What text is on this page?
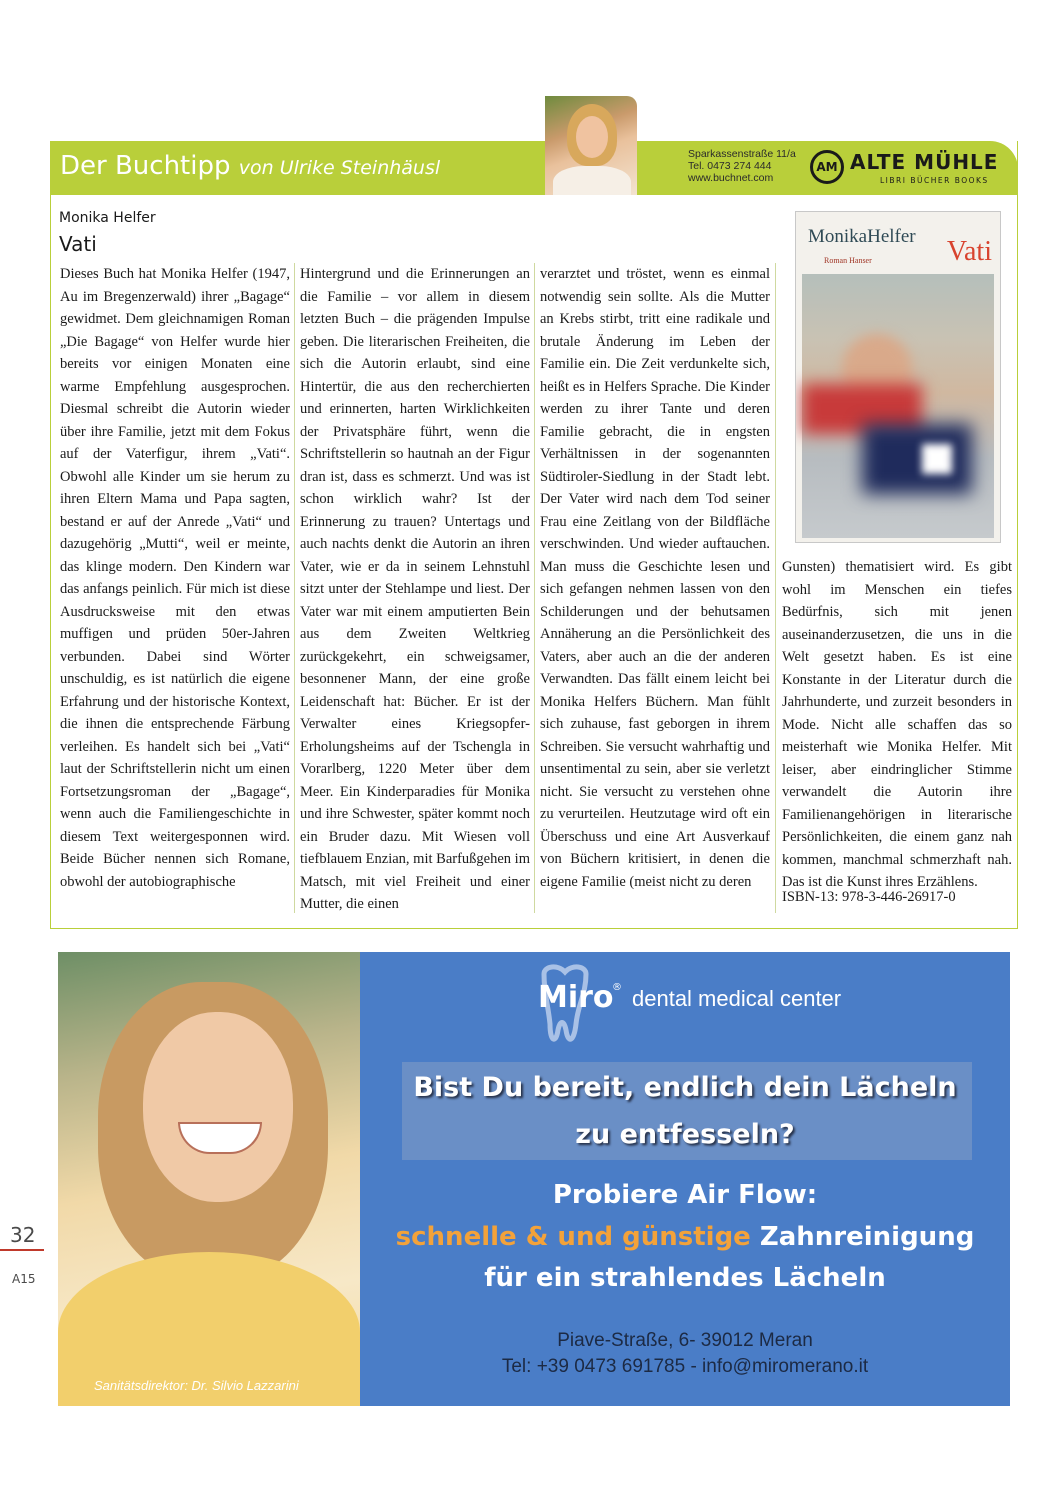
Der Buchtipp von Ulrike Steinhäusl
Sparkassenstraße 11/a
Tel. 0473 274 444
www.buchnet.com
AM ALTE MÜHLE
LIBRI BÜCHER BOOKS
Monika Helfer
Vati
Dieses Buch hat Monika Helfer (1947, Au im Bregenzerwald) ihrer „Bagage“ gewidmet. Dem gleichnamigen Roman „Die Bagage“ von Helfer wurde hier bereits vor einigen Monaten eine warme Empfehlung ausgesprochen. Diesmal schreibt die Autorin wieder über ihre Familie, jetzt mit dem Fokus auf der Vaterfigur, ihrem „Vati“. Obwohl alle Kinder um sie herum zu ihren Eltern Mama und Papa sagten, bestand er auf der Anrede „Vati“ und dazugehörig „Mutti“, weil er meinte, das klinge modern. Den Kindern war das anfangs peinlich. Für mich ist diese Ausdrucksweise mit den etwas muffigen und prüden 50er-Jahren verbunden. Dabei sind Wörter unschuldig, es ist natürlich die eigene Erfahrung und der historische Kontext, die ihnen die entsprechende Färbung verleihen. Es handelt sich bei „Vati“ laut der Schriftstellerin nicht um einen Fortsetzungsroman der „Bagage“, wenn auch die Familiengeschichte in diesem Text weitergesponnen wird. Beide Bücher nennen sich Romane, obwohl der autobiographische
Hintergrund und die Erinnerungen an die Familie – vor allem in diesem letzten Buch – die prägenden Impulse geben. Die literarischen Freiheiten, die sich die Autorin erlaubt, sind eine Hintertür, die aus den recherchierten und erinnerten, harten Wirklichkeiten der Privatsphäre führt, wenn die Schriftstellerin so hautnah an der Figur dran ist, dass es schmerzt. Und was ist schon wirklich wahr? Ist der Erinnerung zu trauen? Untertags und auch nachts denkt die Autorin an ihren Vater, wie er da in seinem Lehnstuhl sitzt unter der Stehlampe und liest. Der Vater war mit einem amputierten Bein aus dem Zweiten Weltkrieg zurückgekehrt, ein schweigsamer, besonnener Mann, der eine große Leidenschaft hat: Bücher. Er ist der Verwalter eines Kriegsopfer-Erholungsheims auf der Tschengla in Vorarlberg, 1220 Meter über dem Meer. Ein Kinderparadies für Monika und ihre Schwester, später kommt noch ein Bruder dazu. Mit Wiesen voll tiefblauem Enzian, mit Barfußgehen im Matsch, mit viel Freiheit und einer Mutter, die einen
verarztet und tröstet, wenn es einmal notwendig sein sollte. Als die Mutter an Krebs stirbt, tritt eine radikale und brutale Änderung im Leben der Familie ein. Die Zeit verdunkelte sich, heißt es in Helfers Sprache. Die Kinder werden zu ihrer Tante und deren Familie gebracht, die in engsten Verhältnissen in der sogenannten Südtiroler-Siedlung in der Stadt lebt. Der Vater wird nach dem Tod seiner Frau eine Zeitlang von der Bildfläche verschwinden. Und wieder auftauchen. Man muss die Geschichte lesen und sich gefangen nehmen lassen von den Schilderungen und der behutsamen Annäherung an die Persönlichkeit des Vaters, aber auch an die der anderen Verwandten. Das fällt einem leicht bei Monika Helfers Büchern. Man fühlt sich zuhause, fast geborgen in ihrem Schreiben. Sie versucht wahrhaftig und unsentimental zu sein, aber sie verletzt nicht. Sie versucht zu verstehen ohne zu verurteilen. Heutzutage wird oft ein Überschuss und eine Art Ausverkauf von Büchern kritisiert, in denen die eigene Familie (meist nicht zu deren
Gunsten) thematisiert wird. Es gibt wohl im Menschen ein tiefes Bedürfnis, sich mit jenen auseinanderzusetzen, die uns in die Welt gesetzt haben. Es ist eine Konstante in der Literatur durch die Jahrhunderte, und zurzeit besonders in Mode. Nicht alle schaffen das so meisterhaft wie Monika Helfer. Mit leiser, aber eindringlicher Stimme verwandelt die Autorin ihre Familienangehörigen in literarische Persönlichkeiten, die einem ganz nah kommen, manchmal schmerzhaft nah. Das ist die Kunst ihres Erzählens.
ISBN-13: 978-3-446-26917-0
MonikaHelfer Vati
Roman Hanser
Sanitätsdirektor: Dr. Silvio Lazzarini
Miro
® dental medical center
Bist Du bereit, endlich dein Lächeln
zu entfesseln?
Probiere Air Flow:
schnelle & und günstige Zahnreinigung
für ein strahlendes Lächeln
Piave-Straße, 6- 39012 Meran
Tel: +39 0473 691785 - info@miromerano.it
32
A15
